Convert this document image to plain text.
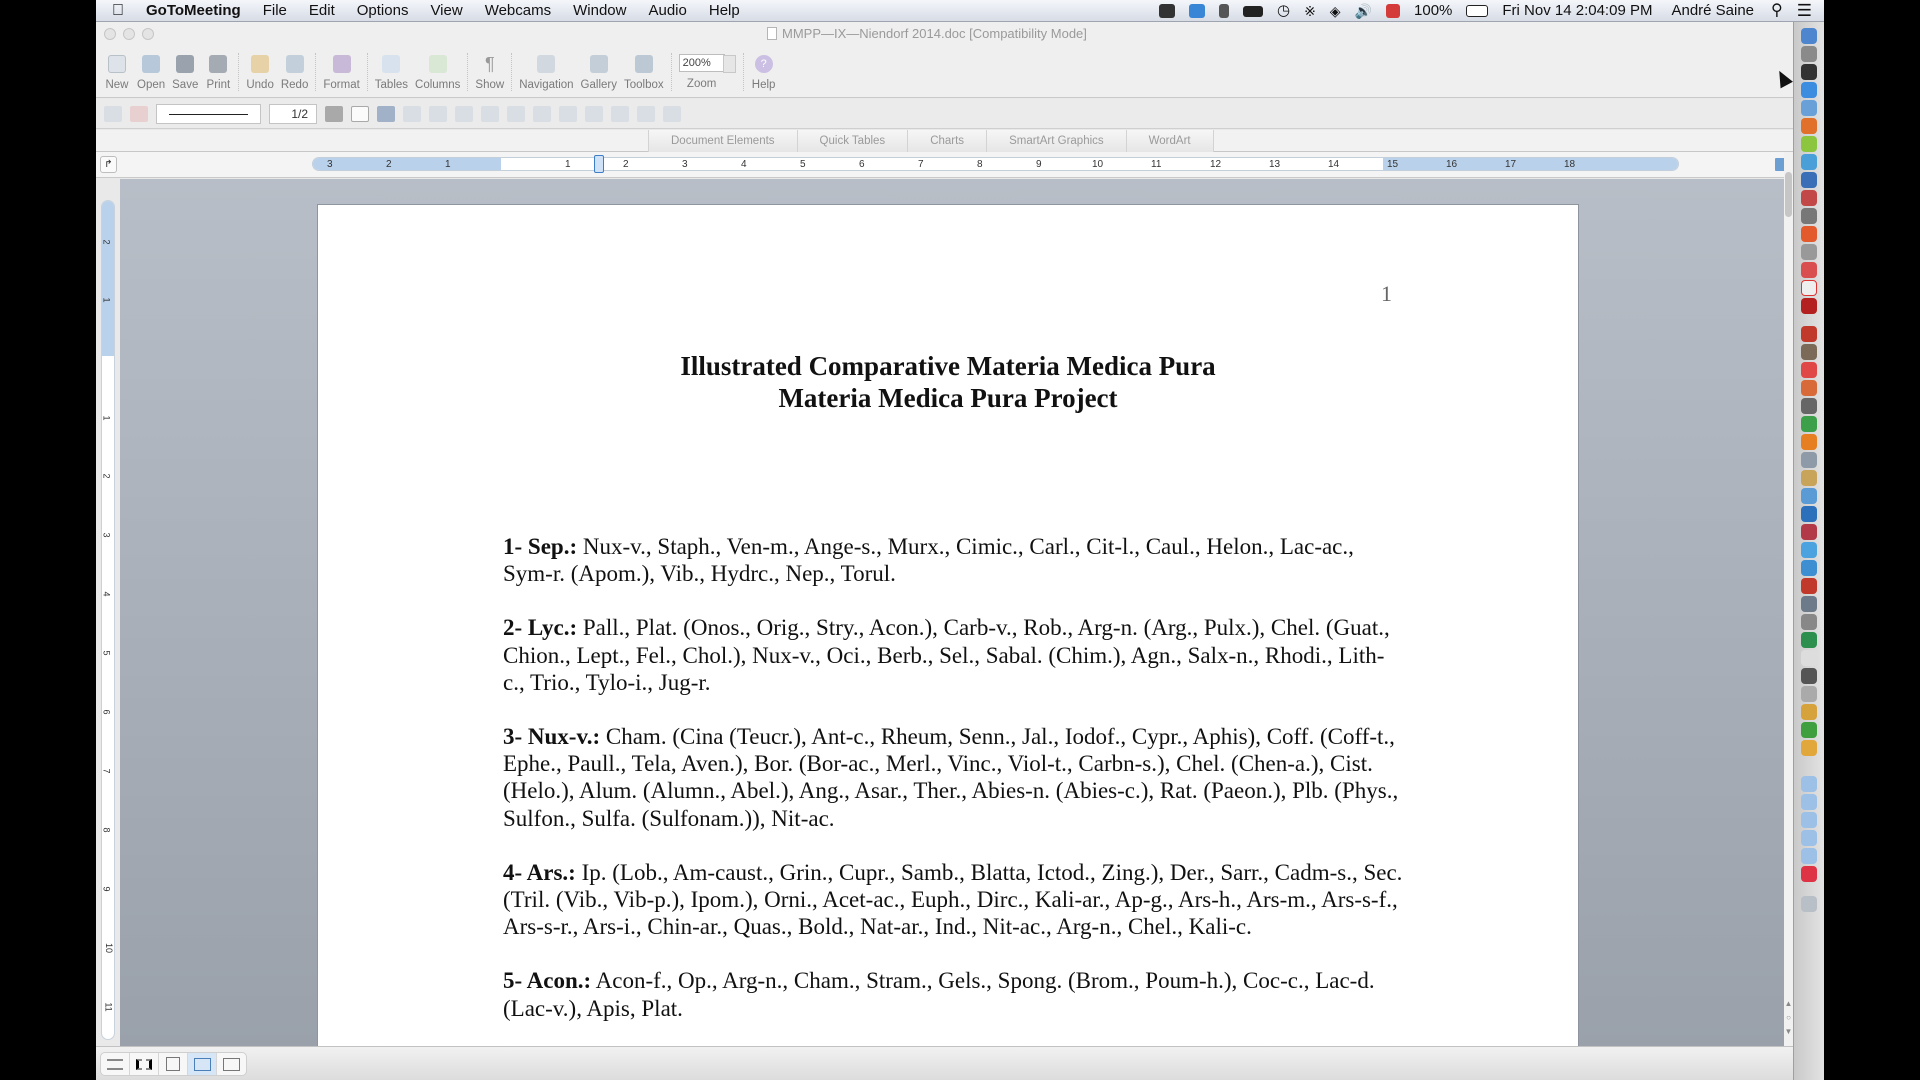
GoToMeeting	File	Edit	Options	View	Webcams	Window	Audio	Help	◷	※	◈	🔊	100%	Fri Nov 14 2:04:09 PM	André Saine	⚲ ☰
MMPP—IX—Niendorf 2014.doc [Compatibility Mode]
New Open Save Print Undo Redo Format Tables Columns
¶
Show Navigation Gallery Toolbox
200%
Zoom
?
Help
1/2
Document Elements	Quick Tables	Charts	SmartArt Graphics	WordArt
↱	3	2	1	1	2	3	4	5	6	7	8	9	10	11	12	13	14	15	16	17	18
2
1
1
2
3
4
5
6
7
8
9
10
11
1
Illustrated Comparative Materia Medica Pura
Materia Medica Pura Project

1- Sep.: Nux-v., Staph., Ven-m., Ange-s., Murx., Cimic., Carl., Cit-l., Caul., Helon., Lac-ac., Sym-r. (Apom.), Vib., Hydrc., Nep., Torul.

2- Lyc.: Pall., Plat. (Onos., Orig., Stry., Acon.), Carb-v., Rob., Arg-n. (Arg., Pulx.), Chel. (Guat., Chion., Lept., Fel., Chol.), Nux-v., Oci., Berb., Sel., Sabal. (Chim.), Agn., Salx-n., Rhodi., Lith-c., Trio., Tylo-i., Jug-r.

3- Nux-v.: Cham. (Cina (Teucr.), Ant-c., Rheum, Senn., Jal., Iodof., Cypr., Aphis), Coff. (Coff-t., Ephe., Paull., Tela, Aven.), Bor. (Bor-ac., Merl., Vinc., Viol-t., Carbn-s.), Chel. (Chen-a.), Cist. (Helo.), Alum. (Alumn., Abel.), Ang., Asar., Ther., Abies-n. (Abies-c.), Rat. (Paeon.), Plb. (Phys., Sulfon., Sulfa. (Sulfonam.)), Nit-ac.

4- Ars.: Ip. (Lob., Am-caust., Grin., Cupr., Samb., Blatta, Ictod., Zing.), Der., Sarr., Cadm-s., Sec. (Tril. (Vib., Vib-p.), Ipom.), Orni., Acet-ac., Euph., Dirc., Kali-ar., Ap-g., Ars-h., Ars-m., Ars-s-f., Ars-s-r., Ars-i., Chin-ar., Quas., Bold., Nat-ar., Ind., Nit-ac., Arg-n., Chel., Kali-c.

5- Acon.: Acon-f., Op., Arg-n., Cham., Stram., Gels., Spong. (Brom., Poum-h.), Coc-c., Lac-d. (Lac-v.), Apis, Plat.	▲
○
▼
